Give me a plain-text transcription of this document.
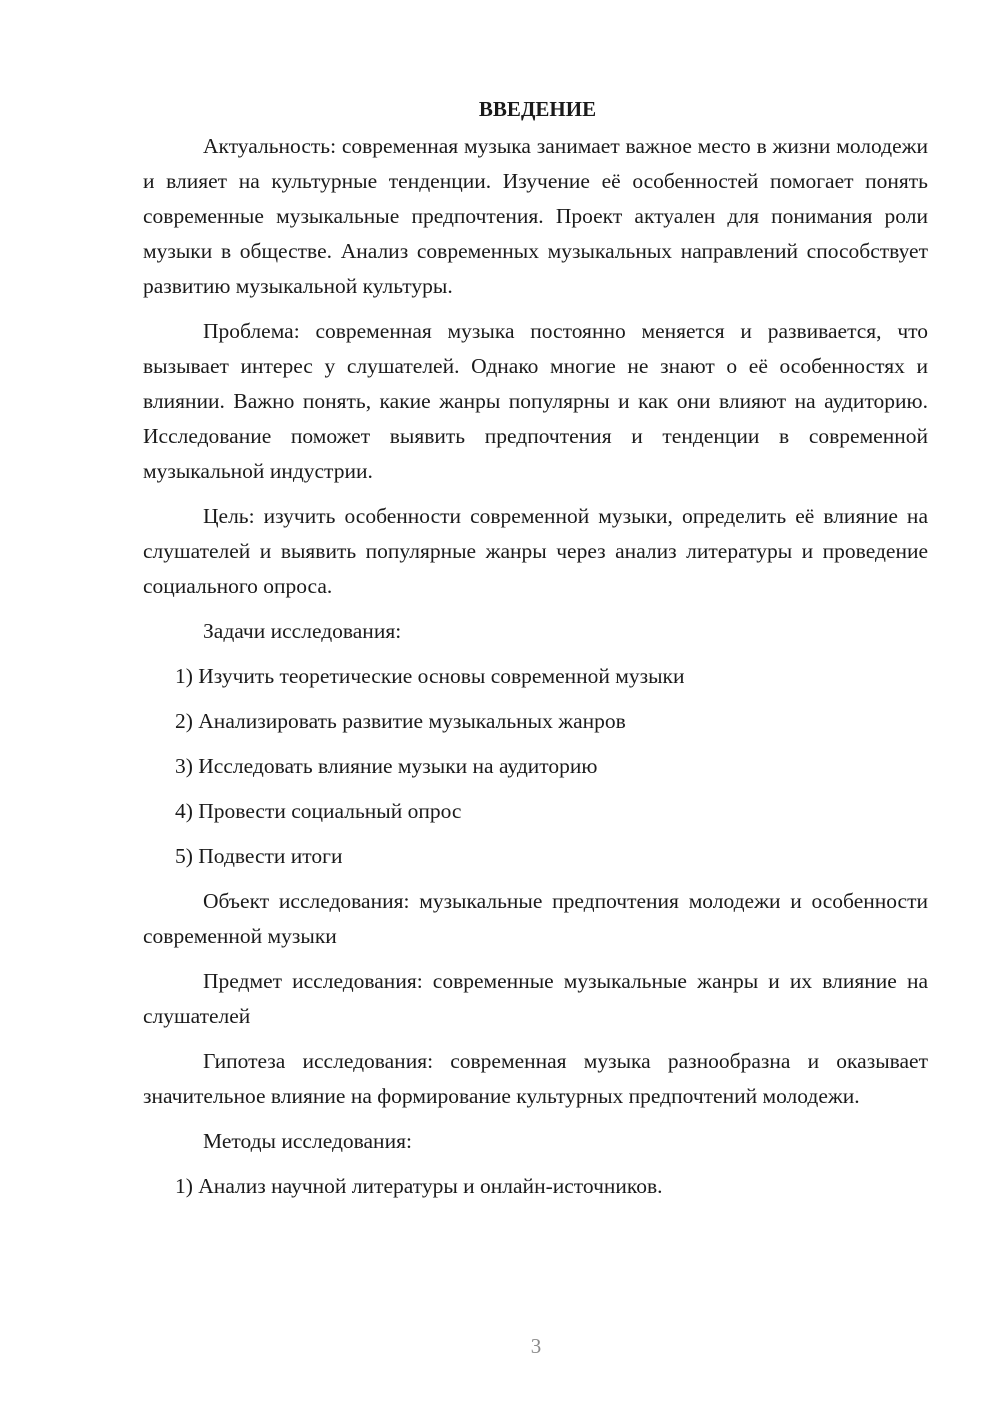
ВВЕДЕНИЕ

Актуальность: современная музыка занимает важное место в жизни молодежи и влияет на культурные тенденции. Изучение её особенностей помогает понять современные музыкальные предпочтения. Проект актуален для понимания роли музыки в обществе. Анализ современных музыкальных направлений способствует развитию музыкальной культуры.

Проблема: современная музыка постоянно меняется и развивается, что вызывает интерес у слушателей. Однако многие не знают о её особенностях и влиянии. Важно понять, какие жанры популярны и как они влияют на аудиторию. Исследование поможет выявить предпочтения и тенденции в современной музыкальной индустрии.

Цель: изучить особенности современной музыки, определить её влияние на слушателей и выявить популярные жанры через анализ литературы и проведение социального опроса.

Задачи исследования:

1) Изучить теоретические основы современной музыки
2) Анализировать развитие музыкальных жанров
3) Исследовать влияние музыки на аудиторию
4) Провести социальный опрос
5) Подвести итоги

Объект исследования: музыкальные предпочтения молодежи и особенности современной музыки

Предмет исследования: современные музыкальные жанры и их влияние на слушателей

Гипотеза исследования: современная музыка разнообразна и оказывает значительное влияние на формирование культурных предпочтений молодежи.

Методы исследования:

1) Анализ научной литературы и онлайн-источников.
3
